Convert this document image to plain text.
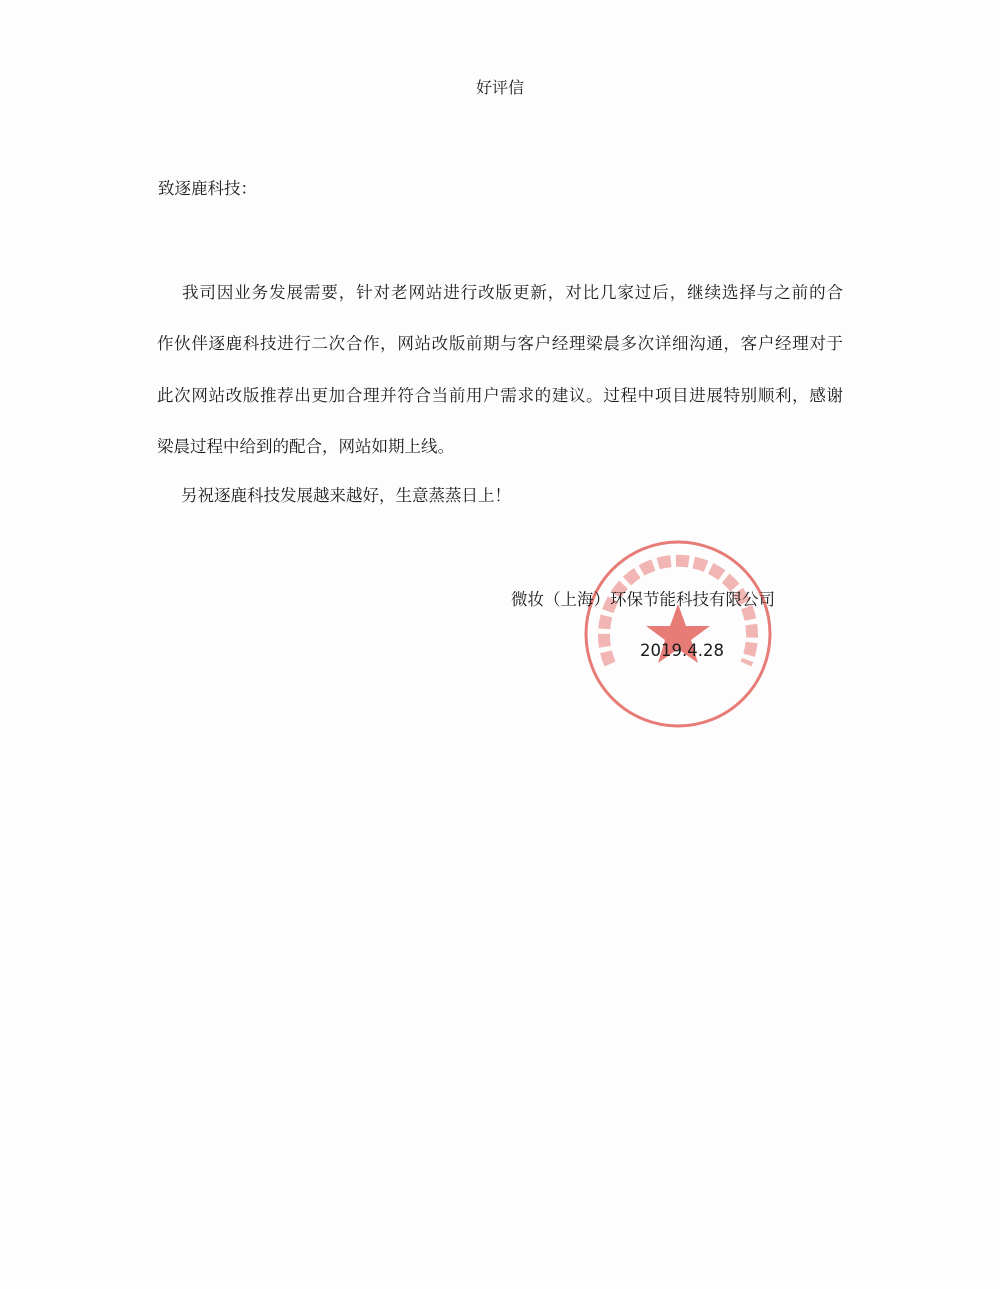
好评信
致逐鹿科技：
我司因业务发展需要，针对老网站进行改版更新，对比几家过后，继续选择与之前的合
作伙伴逐鹿科技进行二次合作，网站改版前期与客户经理梁晨多次详细沟通，客户经理对于
此次网站改版推荐出更加合理并符合当前用户需求的建议。过程中项目进展特别顺利，感谢
梁晨过程中给到的配合，网站如期上线。
另祝逐鹿科技发展越来越好，生意蒸蒸日上！
微妆（上海）环保节能科技有限公司
2019.4.28
